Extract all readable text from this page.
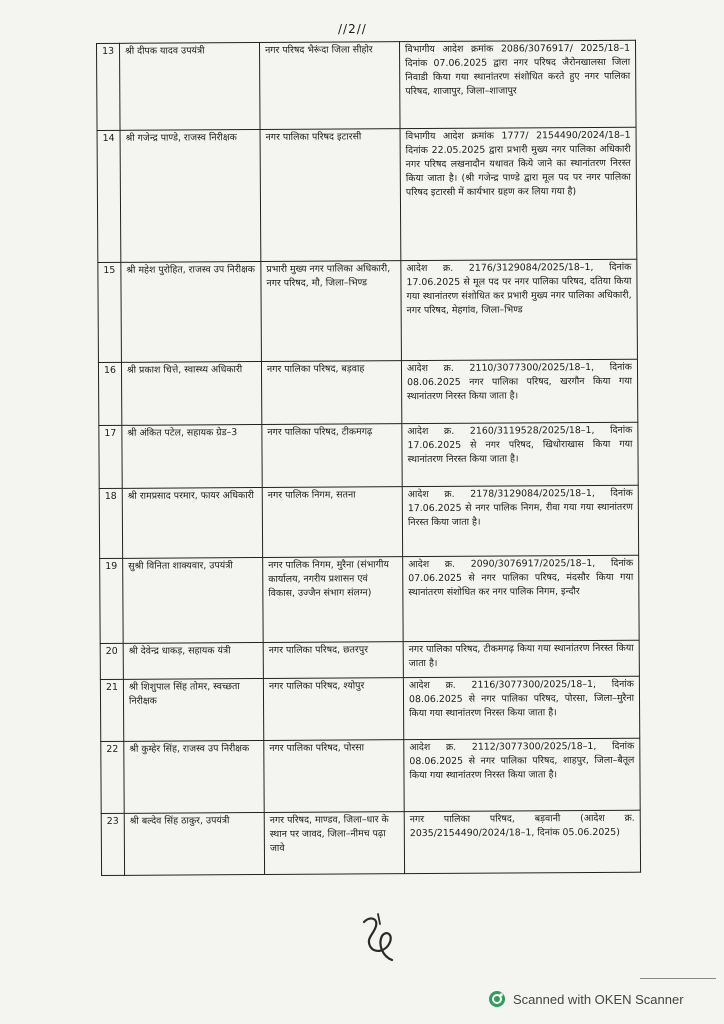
//2//
13	श्री दीपक यादव उपयंत्री	नगर परिषद भैरूंदा जिला सीहोर	विभागीय आदेश क्रमांक 2086/3076917/ 2025/18–1 दिनांक 07.06.2025 द्वारा नगर परिषद जैरोनखालसा जिला निवाडी किया गया स्थानांतरण संशोधित करते हुए नगर पालिका परिषद, शाजापुर, जिला–शाजापुर
14	श्री गजेन्द्र पाण्डे, राजस्व निरीक्षक	नगर पालिका परिषद इटारसी	विभागीय आदेश क्रमांक 1777/ 2154490/2024/18–1 दिनांक 22.05.2025 द्वारा प्रभारी मुख्य नगर पालिका अधिकारी नगर परिषद लखनादौन यथावत किये जाने का स्थानांतरण निरस्त किया जाता है। (श्री गजेन्द्र पाण्डे द्वारा मूल पद पर नगर पालिका परिषद इटारसी में कार्यभार ग्रहण कर लिया गया है)
15	श्री महेश पुरोहित, राजस्व उप निरीक्षक	प्रभारी मुख्य नगर पालिका अधिकारी, नगर परिषद, मौ, जिला–भिण्ड	आदेश क्र. 2176/3129084/2025/18–1, दिनांक 17.06.2025 से मूल पद पर नगर पालिका परिषद, दतिया किया गया स्थानांतरण संशोधित कर प्रभारी मुख्य नगर पालिका अधिकारी, नगर परिषद, मेहगांव, जिला–भिण्ड
16	श्री प्रकाश चित्ते, स्वास्थ्य अधिकारी	नगर पालिका परिषद, बड़वाह	आदेश क्र. 2110/3077300/2025/18–1, दिनांक 08.06.2025 नगर पालिका परिषद, खरगौन किया गया स्थानांतरण निरस्त किया जाता है।
17	श्री अंकित पटेल, सहायक ग्रेड–3	नगर पालिका परिषद, टीकमगढ़	आदेश क्र. 2160/3119528/2025/18–1, दिनांक 17.06.2025 से नगर परिषद, खिधोराखास किया गया स्थानांतरण निरस्त किया जाता है।
18	श्री रामप्रसाद परमार, फायर अधिकारी	नगर पालिक निगम, सतना	आदेश क्र. 2178/3129084/2025/18–1, दिनांक 17.06.2025 से नगर पालिक निगम, रीवा गया गया स्थानांतरण निरस्त किया जाता है।
19	सुश्री विनिता शाक्यवार, उपयंत्री	नगर पालिक निगम, मुरैना (संभागीय कार्यालय, नगरीय प्रशासन एवं विकास, उज्जैन संभाग संलग्न)	आदेश क्र. 2090/3076917/2025/18–1, दिनांक 07.06.2025 से नगर पालिका परिषद, मंदसौर किया गया स्थानांतरण संशोधित कर नगर पालिक निगम, इन्दौर
20	श्री देवेन्द्र धाकड़, सहायक यंत्री	नगर पालिका परिषद, छतरपुर	नगर पालिका परिषद, टीकमगढ़ किया गया स्थानांतरण निरस्त किया जाता है।
21	श्री शिशुपाल सिंह तोमर, स्वच्छता निरीक्षक	नगर पालिका परिषद, श्योपुर	आदेश क्र. 2116/3077300/2025/18–1, दिनांक 08.06.2025 से नगर पालिका परिषद, पोरसा, जिला–मुरैना किया गया स्थानांतरण निरस्त किया जाता है।
22	श्री कुम्हेर सिंह, राजस्व उप निरीक्षक	नगर पालिका परिषद, पोरसा	आदेश क्र. 2112/3077300/2025/18–1, दिनांक 08.06.2025 से नगर पालिका परिषद, शाहपुर, जिला–बैतूल किया गया स्थानांतरण निरस्त किया जाता है।
23	श्री बल्देव सिंह ठाकुर, उपयंत्री	नगर परिषद, माण्डव, जिला–धार के स्थान पर जावद, जिला–नीमच पढ़ा जावे	नगर पालिका परिषद, बड़वानी (आदेश क्र. 2035/2154490/2024/18–1, दिनांक 05.06.2025)
Scanned with OKEN Scanner
